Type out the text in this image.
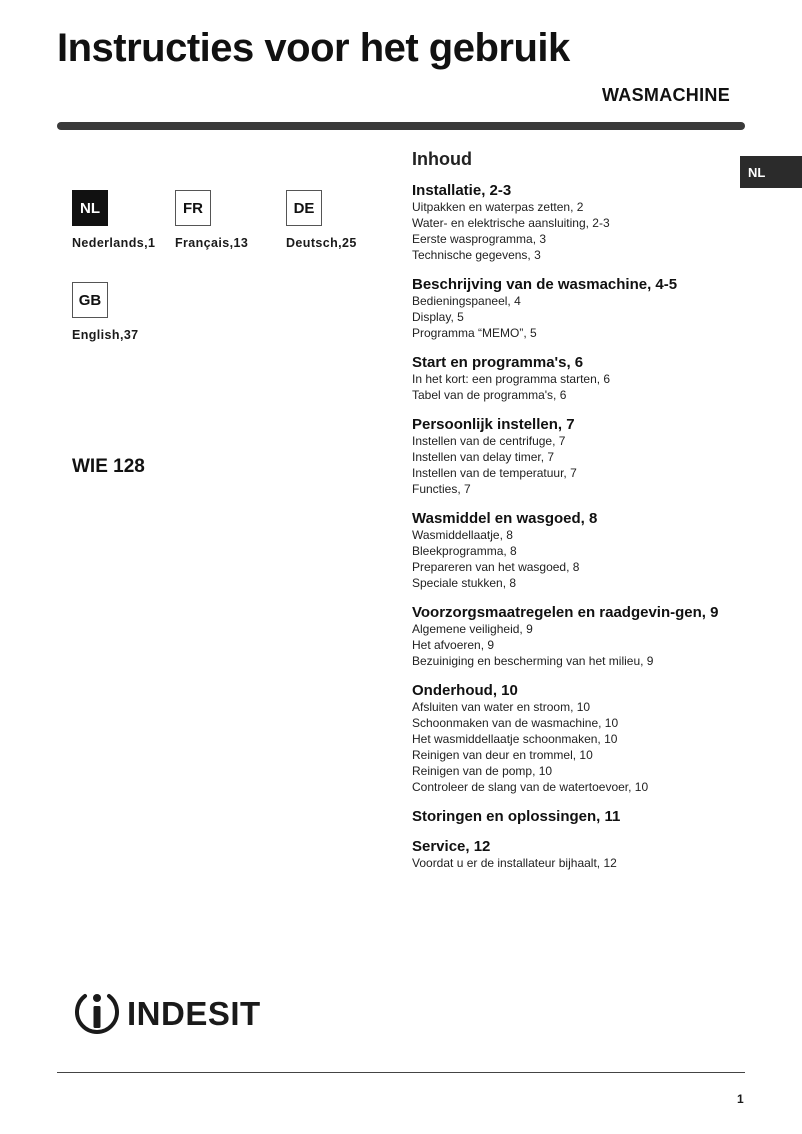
Instructies voor het gebruik
WASMACHINE
NL
NL
Nederlands,1
FR
Français,13
DE
Deutsch,25
GB
English,37
WIE 128
Inhoud
Installatie, 2-3
Uitpakken en waterpas zetten, 2
Water- en elektrische aansluiting, 2-3
Eerste wasprogramma, 3
Technische gegevens, 3
Beschrijving van de wasmachine, 4-5
Bedieningspaneel, 4
Display, 5
Programma “MEMO”, 5
Start en programma's, 6
In het kort: een programma starten, 6
Tabel van de programma's, 6
Persoonlijk instellen, 7
Instellen van de centrifuge, 7
Instellen van delay timer, 7
Instellen van de temperatuur, 7
Functies, 7
Wasmiddel en wasgoed, 8
Wasmiddellaatje, 8
Bleekprogramma, 8
Prepareren van het wasgoed, 8
Speciale stukken, 8
Voorzorgsmaatregelen en raadgevin-gen, 9
Algemene veiligheid, 9
Het afvoeren, 9
Bezuiniging en bescherming van het milieu, 9
Onderhoud, 10
Afsluiten van water en stroom, 10
Schoonmaken van de wasmachine, 10
Het wasmiddellaatje schoonmaken, 10
Reinigen van deur en trommel, 10
Reinigen van de pomp, 10
Controleer de slang van de watertoevoer, 10
Storingen en oplossingen, 11
Service, 12
Voordat u er de installateur bijhaalt, 12
INDESIT
1
